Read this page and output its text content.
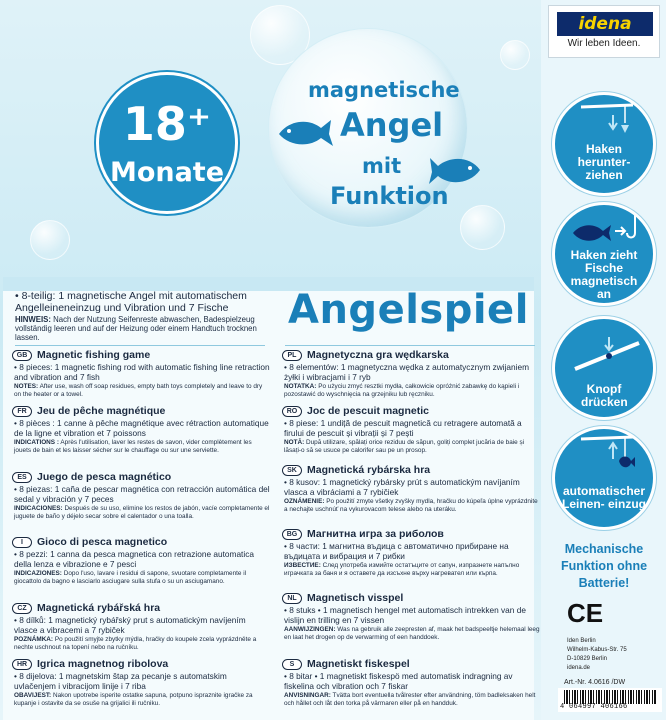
18⁺
Monate
magnetische
Angel
mit
Funktion
idena
Wir leben Ideen.
Haken herunter- ziehen
Haken zieht Fische magnetisch an
Knopf drücken
automatischer Leinen- einzug
Mechanische Funktion ohne Batterie!
CE
Iden Berlin
Wilhelm-Kabus-Str. 75
D-10829 Berlin
idena.de
Art.-Nr. 4.0616 /DW
4 064997 406166
• 8-teilig: 1 magnetische Angel mit automatischem Angelleineneinzug und Vibration und 7 Fische
HINWEIS: Nach der Nutzung Seifenreste abwaschen, Badespielzeug vollständig leeren und auf der Heizung oder einem Handtuch trocknen lassen.
Angelspiel
GB Magnetic fishing game
• 8 pieces: 1 magnetic fishing rod with automatic fishing line retraction and vibration and 7 fish
NOTES: After use, wash off soap residues, empty bath toys completely and leave to dry on the heater or a towel.
FR Jeu de pêche magnétique
• 8 pièces : 1 canne à pêche magnétique avec rétraction automatique de la ligne et vibration et 7 poissons
INDICATIONS : Après l'utilisation, laver les restes de savon, vider complètement les jouets de bain et les laisser sécher sur le chauffage ou sur une serviette.
ES Juego de pesca magnético
• 8 piezas: 1 caña de pescar magnética con retracción automática del sedal y vibración y 7 peces
INDICACIONES: Después de su uso, elimine los restos de jabón, vacíe completamente el juguete de baño y déjelo secar sobre el calentador o una toalla.
I	Gioco di pesca magnetico
• 8 pezzi: 1 canna da pesca magnetica con retrazione automatica della lenza e vibrazione e 7 pesci
INDICAZIONES: Dopo l'uso, lavare i residui di sapone, svuotare completamente il giocattolo da bagno e lasciarlo asciugare sulla stufa o su un asciugamano.
CZ Magnetická rybářská hra
• 8 dílků: 1 magnetický rybářský prut s automatickým navíjením vlasce a vibracemi a 7 rybiček
POZNÁMKA: Po použití smyjte zbytky mýdla, hračky do koupele zcela vyprázdněte a nechte uschnout na topení nebo na ručníku.
HR Igrica magnetnog ribolova
• 8 dijelova: 1 magnetskim štap za pecanje s automatskim uvlačenjem i vibracijom linije i 7 riba
OBAVIJEST: Nakon upotrebe isperite ostatke sapuna, potpuno ispraznite igračke za kupanje i ostavite da se osuše na grijalici ili ručniku.
PL	Magnetyczna gra wędkarska
• 8 elementów: 1 magnetyczna wędka z automatycznym zwijaniem żyłki i wibracjami i 7 ryb
NOTATKA: Po użyciu zmyć resztki mydła, całkowicie opróżnić zabawkę do kąpieli i pozostawić do wyschnięcia na grzejniku lub ręczniku.
RO Joc de pescuit magnetic
• 8 piese: 1 undiță de pescuit magnetică cu retragere automată a firului de pescuit și vibrații și 7 pești
NOTĂ: După utilizare, spălați orice reziduu de săpun, goliți complet jucăria de baie și lăsați-o să se usuce pe calorifer sau pe un prosop.
SK Magnetická rybárska hra
• 8 kusov: 1 magnetický rybársky prút s automatickým navíjaním vlasca a vibráciami a 7 rybičiek
OZNÁMENIE: Po použití zmyte všetky zvyšky mydla, hračku do kúpeľa úplne vyprázdnite a nechajte uschnúť na vykurovacom telese alebo na uteráku.
BG Магнитна игра за риболов
• 8 части: 1 магнитна въдица с автоматично прибиране на въдицата и вибрация и 7 рибки
ИЗВЕСТИЕ: След употреба измийте остатъците от сапун, изпразнете напълно играчката за баня и я оставете да изсъхне върху нагревател или кърпа.
NL Magnetisch visspel
• 8 stuks • 1 magnetisch hengel met automatisch intrekken van de vislijn en trilling en 7 vissen
AANWIJZINGEN: Was na gebruik alle zeepresten af, maak het badspeeltje helemaal leeg en laat het drogen op de verwarming of een handdoek.
S	Magnetiskt fiskespel
• 8 bitar • 1 magnetiskt fiskespö med automatisk indragning av fiskelina och vibration och 7 fiskar
ANVISNINGAR: Tvätta bort eventuella tvålrester efter användning, töm badleksaken helt och hållet och låt den torka på värmaren eller på en handduk.
